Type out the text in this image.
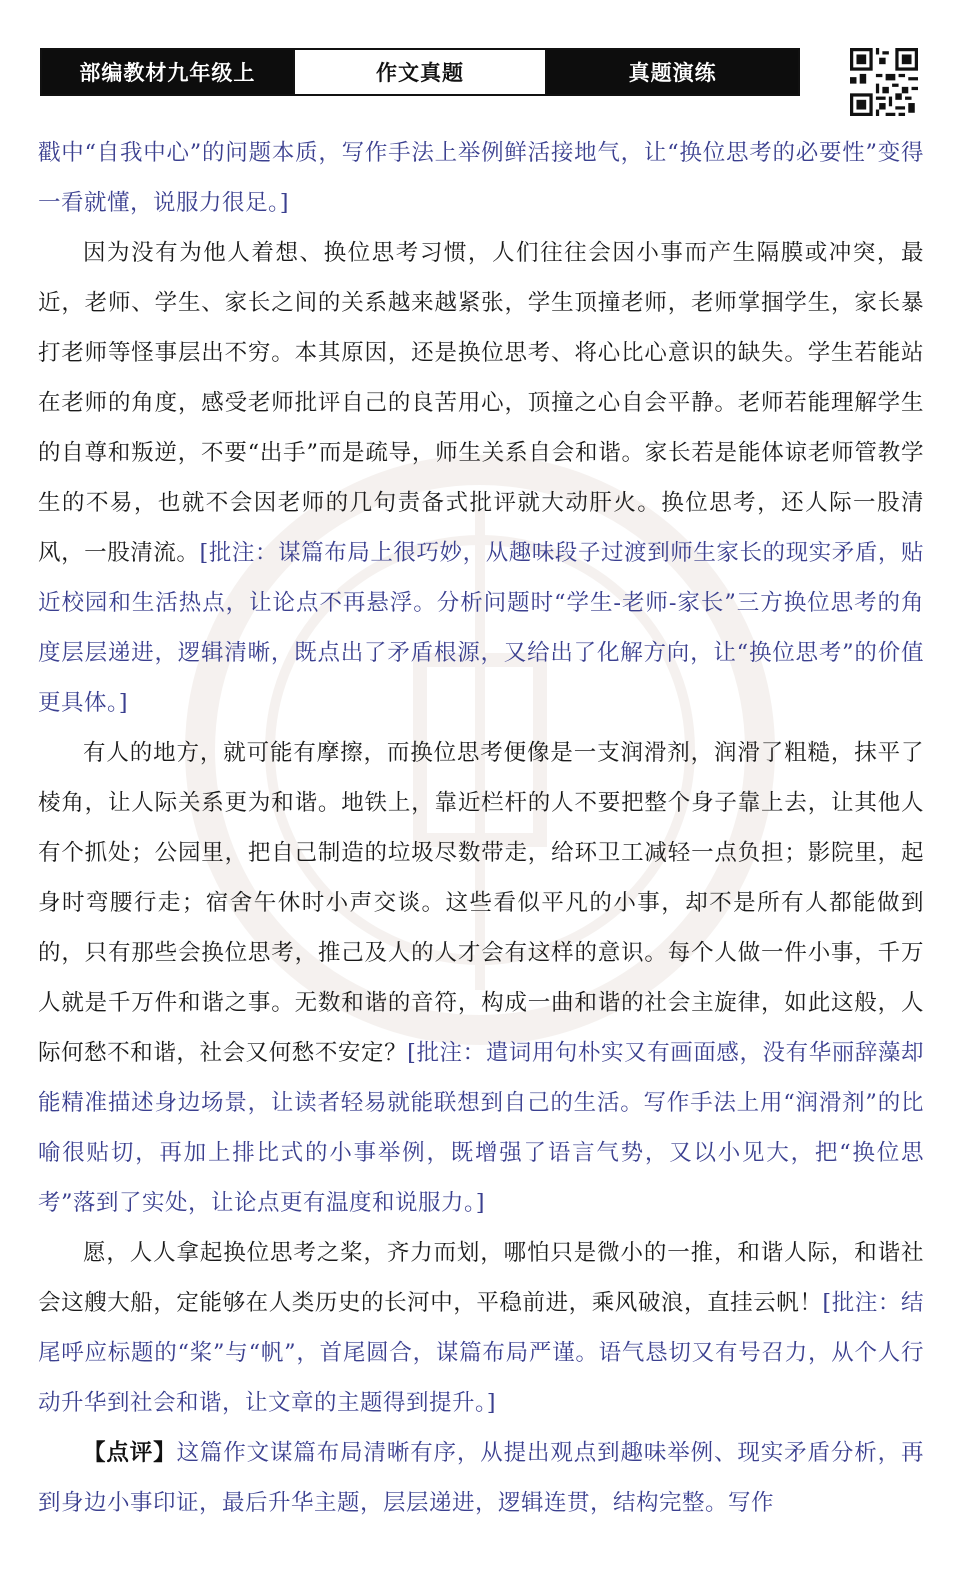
部编教材九年级上	作文真题	真题演练

戳中“自我中心”的问题本质，写作手法上举例鲜活接地气，让“换位思考的必要性”变得一看就懂，说服力很足。]

因为没有为他人着想、换位思考习惯，人们往往会因小事而产生隔膜或冲突，最近，老师、学生、家长之间的关系越来越紧张，学生顶撞老师，老师掌掴学生，家长暴打老师等怪事层出不穷。本其原因，还是换位思考、将心比心意识的缺失。学生若能站在老师的角度，感受老师批评自己的良苦用心，顶撞之心自会平静。老师若能理解学生的自尊和叛逆，不要“出手”而是疏导，师生关系自会和谐。家长若是能体谅老师管教学生的不易，也就不会因老师的几句责备式批评就大动肝火。换位思考，还人际一股清风，一股清流。[批注：谋篇布局上很巧妙，从趣味段子过渡到师生家长的现实矛盾，贴近校园和生活热点，让论点不再悬浮。分析问题时“学生-老师-家长”三方换位思考的角度层层递进，逻辑清晰，既点出了矛盾根源，又给出了化解方向，让“换位思考”的价值更具体。]

有人的地方，就可能有摩擦，而换位思考便像是一支润滑剂，润滑了粗糙，抹平了棱角，让人际关系更为和谐。地铁上，靠近栏杆的人不要把整个身子靠上去，让其他人有个抓处；公园里，把自己制造的垃圾尽数带走，给环卫工减轻一点负担；影院里，起身时弯腰行走；宿舍午休时小声交谈。这些看似平凡的小事，却不是所有人都能做到的，只有那些会换位思考，推己及人的人才会有这样的意识。每个人做一件小事，千万人就是千万件和谐之事。无数和谐的音符，构成一曲和谐的社会主旋律，如此这般，人际何愁不和谐，社会又何愁不安定？[批注：遣词用句朴实又有画面感，没有华丽辞藻却能精准描述身边场景，让读者轻易就能联想到自己的生活。写作手法上用“润滑剂”的比喻很贴切，再加上排比式的小事举例，既增强了语言气势，又以小见大，把“换位思考”落到了实处，让论点更有温度和说服力。]

愿，人人拿起换位思考之桨，齐力而划，哪怕只是微小的一推，和谐人际，和谐社会这艘大船，定能够在人类历史的长河中，平稳前进，乘风破浪，直挂云帆！[批注：结尾呼应标题的“桨”与“帆”，首尾圆合，谋篇布局严谨。语气恳切又有号召力，从个人行动升华到社会和谐，让文章的主题得到提升。]

【点评】这篇作文谋篇布局清晰有序，从提出观点到趣味举例、现实矛盾分析，再到身边小事印证，最后升华主题，层层递进，逻辑连贯，结构完整。写作
